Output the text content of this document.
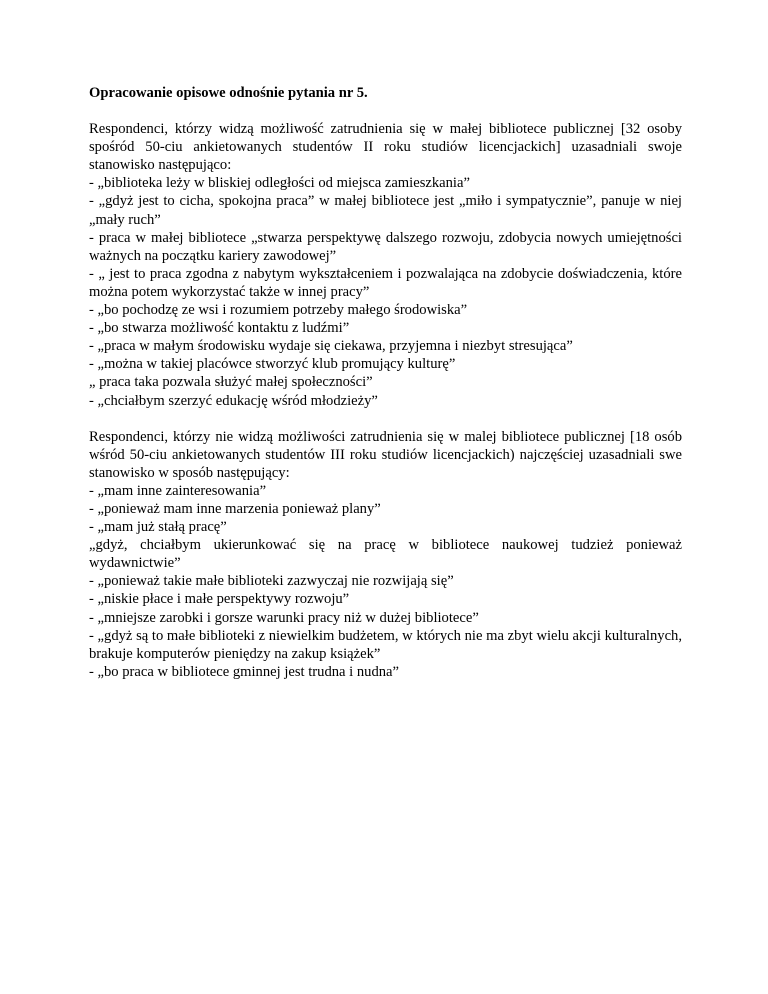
Opracowanie opisowe odnośnie pytania nr 5.

Respondenci, którzy widzą możliwość zatrudnienia się w małej bibliotece publicznej [32 osoby spośród 50-ciu ankietowanych studentów II roku studiów licencjackich] uzasadniali swoje stanowisko następująco:

- „biblioteka leży w bliskiej odległości od miejsca zamieszkania”
- „gdyż jest to cicha, spokojna praca” w małej bibliotece jest „miło i sympatycznie”, panuje w niej „mały ruch”
- praca w małej bibliotece „stwarza perspektywę dalszego rozwoju, zdobycia nowych umiejętności ważnych na początku kariery zawodowej”
- „ jest to praca zgodna z nabytym wykształceniem i pozwalająca na zdobycie doświadczenia, które można potem wykorzystać także w innej pracy”
- „bo pochodzę ze wsi i rozumiem potrzeby małego środowiska”
- „bo stwarza możliwość kontaktu z ludźmi”
- „praca w małym środowisku wydaje się ciekawa, przyjemna i niezbyt stresująca”
- „można w takiej placówce stworzyć klub promujący kulturę”
„ praca taka pozwala służyć małej społeczności”
- „chciałbym szerzyć edukację wśród młodzieży”

Respondenci, którzy nie widzą możliwości zatrudnienia się w malej bibliotece publicznej [18 osób wśród 50-ciu ankietowanych studentów III roku studiów licencjackich) najczęściej uzasadniali swe stanowisko w sposób następujący:

- „mam inne zainteresowania”
- „ponieważ mam inne marzenia ponieważ plany”
- „mam już stałą pracę”
„gdyż, chciałbym ukierunkować się na pracę w bibliotece naukowej tudzież ponieważ wydawnictwie”
- „ponieważ takie małe biblioteki zazwyczaj nie rozwijają się”
- „niskie płace i małe perspektywy rozwoju”
- „mniejsze zarobki i gorsze warunki pracy niż w dużej bibliotece”
- „gdyż są to małe biblioteki z niewielkim budżetem, w których nie ma zbyt wielu akcji kulturalnych, brakuje komputerów pieniędzy na zakup książek”
- „bo praca w bibliotece gminnej jest trudna i nudna”
